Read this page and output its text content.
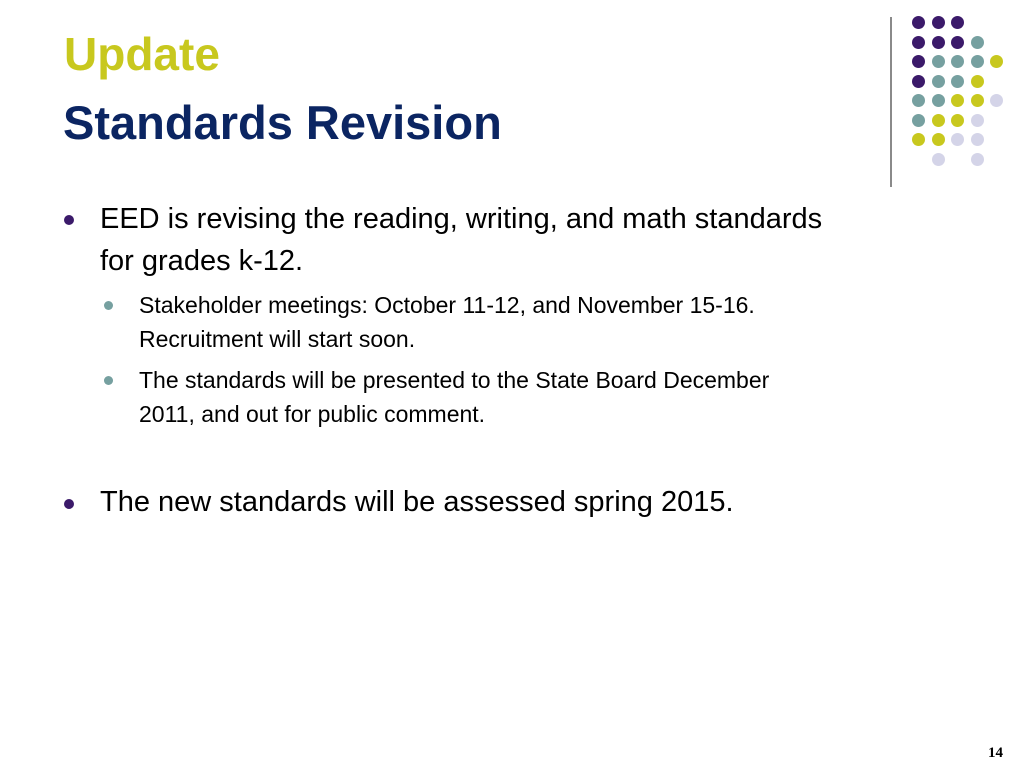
Update
Standards Revision
EED is revising the reading, writing, and math standards
for grades k-12.
Stakeholder meetings: October 11-12, and November 15-16.
Recruitment will start soon.
The standards will be presented to the State Board December
2011, and out for public comment.
The new standards will be assessed spring 2015.
14
